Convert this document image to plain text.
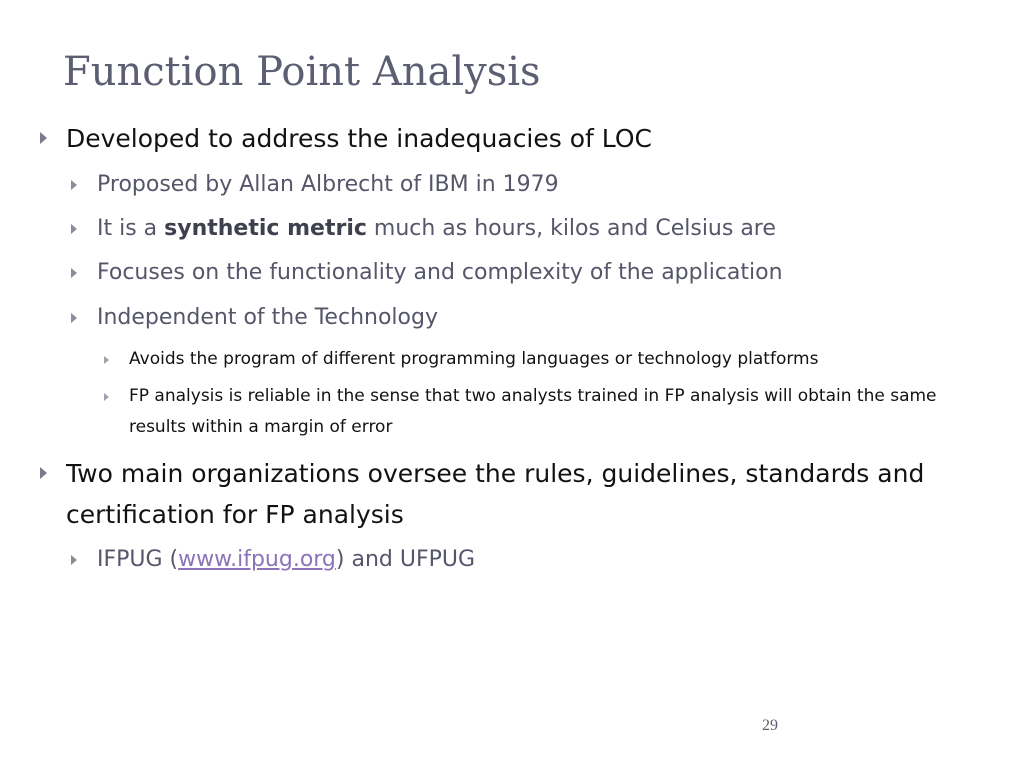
Function Point Analysis
Developed to address the inadequacies of LOC
Proposed by Allan Albrecht of IBM in 1979
It is a synthetic metric much as hours, kilos and Celsius are
Focuses on the functionality and complexity of the application
Independent of the Technology
Avoids the program of different programming languages or technology platforms
FP analysis is reliable in the sense that two analysts trained in FP analysis will obtain the same results within a margin of error
Two main organizations oversee the rules, guidelines, standards and certification for FP analysis
IFPUG (www.ifpug.org) and UFPUG
29
